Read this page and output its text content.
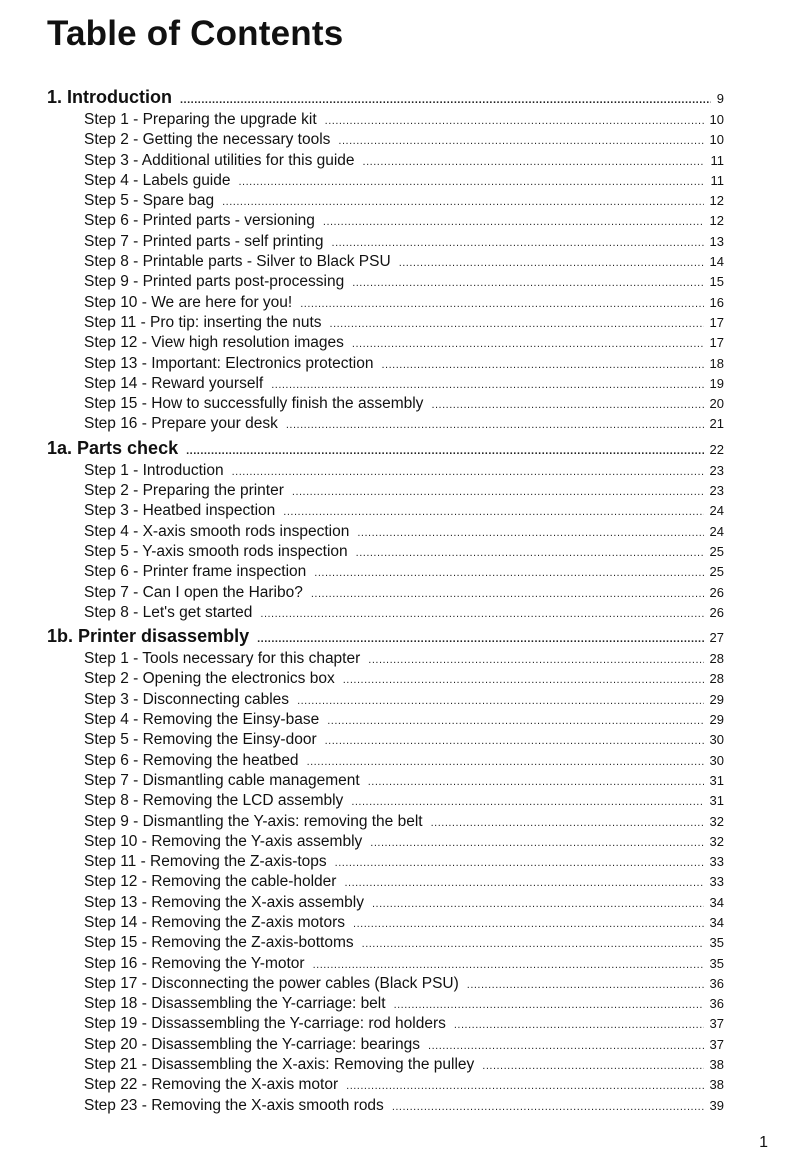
Table of Contents
1. Introduction .....	9
Step 1 - Preparing the upgrade kit .....	10
Step 2 - Getting the necessary tools .....	10
Step 3 - Additional utilities for this guide .....	11
Step 4 - Labels guide .....	11
Step 5 - Spare bag .....	12
Step 6 - Printed parts - versioning .....	12
Step 7 - Printed parts - self printing .....	13
Step 8 - Printable parts - Silver to Black PSU .....	14
Step 9 - Printed parts post-processing .....	15
Step 10 - We are here for you! .....	16
Step 11 - Pro tip: inserting the nuts .....	17
Step 12 - View high resolution images .....	17
Step 13 - Important: Electronics protection .....	18
Step 14 - Reward yourself .....	19
Step 15 - How to successfully finish the assembly .....	20
Step 16 - Prepare your desk .....	21
1a. Parts check .....	22
Step 1 - Introduction .....	23
Step 2 - Preparing the printer .....	23
Step 3 - Heatbed inspection .....	24
Step 4 - X-axis smooth rods inspection .....	24
Step 5 - Y-axis smooth rods inspection .....	25
Step 6 - Printer frame inspection .....	25
Step 7 - Can I open the Haribo? .....	26
Step 8 - Let's get started .....	26
1b. Printer disassembly .....	27
Step 1 - Tools necessary for this chapter .....	28
Step 2 - Opening the electronics box .....	28
Step 3 - Disconnecting cables .....	29
Step 4 - Removing the Einsy-base .....	29
Step 5 - Removing the Einsy-door .....	30
Step 6 - Removing the heatbed .....	30
Step 7 - Dismantling cable management .....	31
Step 8 - Removing the LCD assembly .....	31
Step 9 - Dismantling the Y-axis: removing the belt .....	32
Step 10 - Removing the Y-axis assembly .....	32
Step 11 - Removing the Z-axis-tops .....	33
Step 12 - Removing the cable-holder .....	33
Step 13 - Removing the X-axis assembly .....	34
Step 14 - Removing the Z-axis motors .....	34
Step 15 - Removing the Z-axis-bottoms .....	35
Step 16 - Removing the Y-motor .....	35
Step 17 - Disconnecting the power cables (Black PSU) .....	36
Step 18 - Disassembling the Y-carriage: belt .....	36
Step 19 - Dissassembling the Y-carriage: rod holders .....	37
Step 20 - Disassembling the Y-carriage: bearings .....	37
Step 21 - Disassembling the X-axis: Removing the pulley .....	38
Step 22 - Removing the X-axis motor .....	38
Step 23 - Removing the X-axis smooth rods .....	39
1
